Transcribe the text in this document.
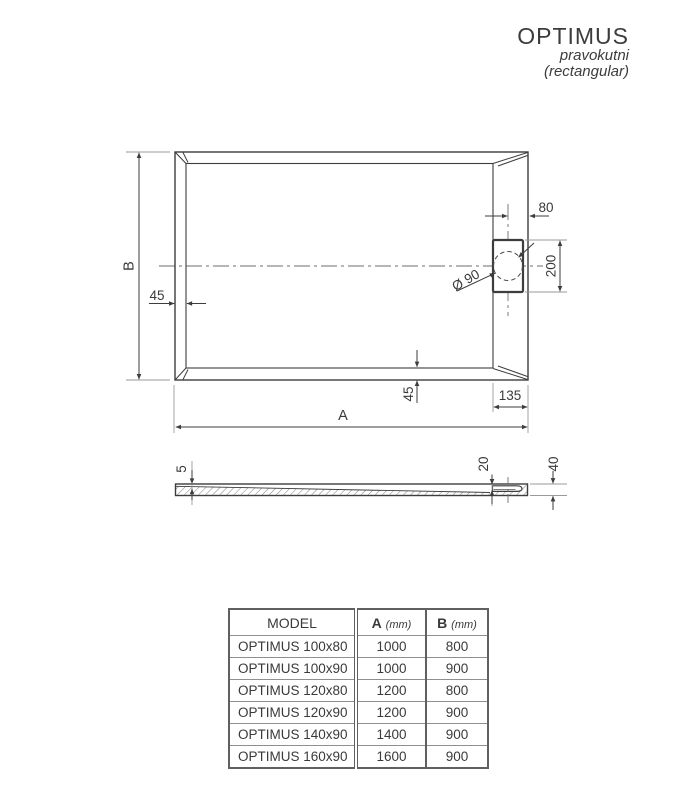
OPTIMUS
pravokutni
(rectangular)
B
A
45
80
200
Ø 90
45	135
5	20	40
MODEL	A (mm)	B (mm)
OPTIMUS 100x80	1000	800
OPTIMUS 100x90	1000	900
OPTIMUS 120x80	1200	800
OPTIMUS 120x90	1200	900
OPTIMUS 140x90	1400	900
OPTIMUS 160x90	1600	900
